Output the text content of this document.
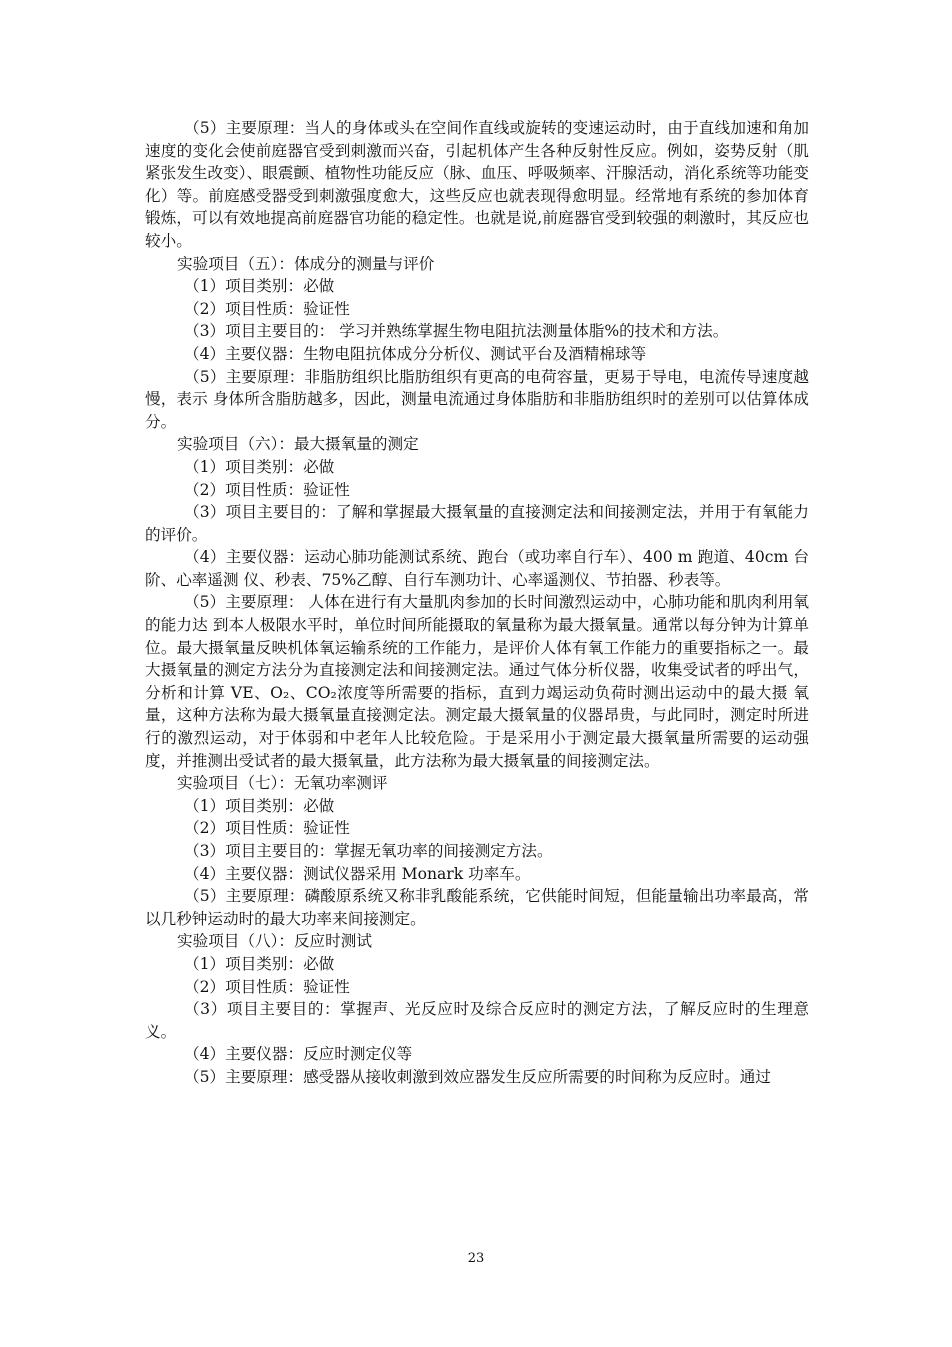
（5）主要原理：当人的身体或头在空间作直线或旋转的变速运动时，由于直线加速和角加速度的变化会使前庭器官受到刺激而兴奋，引起机体产生各种反射性反应。例如，姿势反射（肌紧张发生改变）、眼震颤、植物性功能反应（脉、血压、呼吸频率、汗腺活动，消化系统等功能变化）等。前庭感受器受到刺激强度愈大，这些反应也就表现得愈明显。经常地有系统的参加体育锻炼，可以有效地提高前庭器官功能的稳定性。也就是说,前庭器官受到较强的刺激时，其反应也较小。

实验项目（五）：体成分的测量与评价

（1）项目类别：必做

（2）项目性质：验证性

（3）项目主要目的： 学习并熟练掌握生物电阻抗法测量体脂%的技术和方法。

（4）主要仪器：生物电阻抗体成分分析仪、测试平台及酒精棉球等

（5）主要原理：非脂肪组织比脂肪组织有更高的电荷容量，更易于导电，电流传导速度越慢，表示 身体所含脂肪越多，因此，测量电流通过身体脂肪和非脂肪组织时的差别可以估算体成分。

实验项目（六）：最大摄氧量的测定

（1）项目类别：必做

（2）项目性质：验证性

（3）项目主要目的：了解和掌握最大摄氧量的直接测定法和间接测定法，并用于有氧能力的评价。

（4）主要仪器：运动心肺功能测试系统、跑台（或功率自行车）、400 m 跑道、40cm 台阶、心率遥测 仪、秒表、75%乙醇、自行车测功计、心率遥测仪、节拍器、秒表等。

（5）主要原理： 人体在进行有大量肌肉参加的长时间激烈运动中，心肺功能和肌肉利用氧的能力达 到本人极限水平时，单位时间所能摄取的氧量称为最大摄氧量。通常以每分钟为计算单位。最大摄氧量反映机体氧运输系统的工作能力，是评价人体有氧工作能力的重要指标之一。最大摄氧量的测定方法分为直接测定法和间接测定法。通过气体分析仪器，收集受试者的呼出气，分析和计算 VE、O₂、CO₂浓度等所需要的指标，直到力竭运动负荷时测出运动中的最大摄 氧量，这种方法称为最大摄氧量直接测定法。测定最大摄氧量的仪器昂贵，与此同时，测定时所进行的激烈运动，对于体弱和中老年人比较危险。于是采用小于测定最大摄氧量所需要的运动强度，并推测出受试者的最大摄氧量，此方法称为最大摄氧量的间接测定法。

实验项目（七）：无氧功率测评

（1）项目类别：必做

（2）项目性质：验证性

（3）项目主要目的：掌握无氧功率的间接测定方法。

（4）主要仪器：测试仪器采用 Monark 功率车。

（5）主要原理：磷酸原系统又称非乳酸能系统，它供能时间短，但能量输出功率最高，常以几秒钟运动时的最大功率来间接测定。

实验项目（八）：反应时测试

（1）项目类别：必做

（2）项目性质：验证性

（3）项目主要目的：掌握声、光反应时及综合反应时的测定方法，了解反应时的生理意义。

（4）主要仪器：反应时测定仪等

（5）主要原理：感受器从接收刺激到效应器发生反应所需要的时间称为反应时。通过

23
